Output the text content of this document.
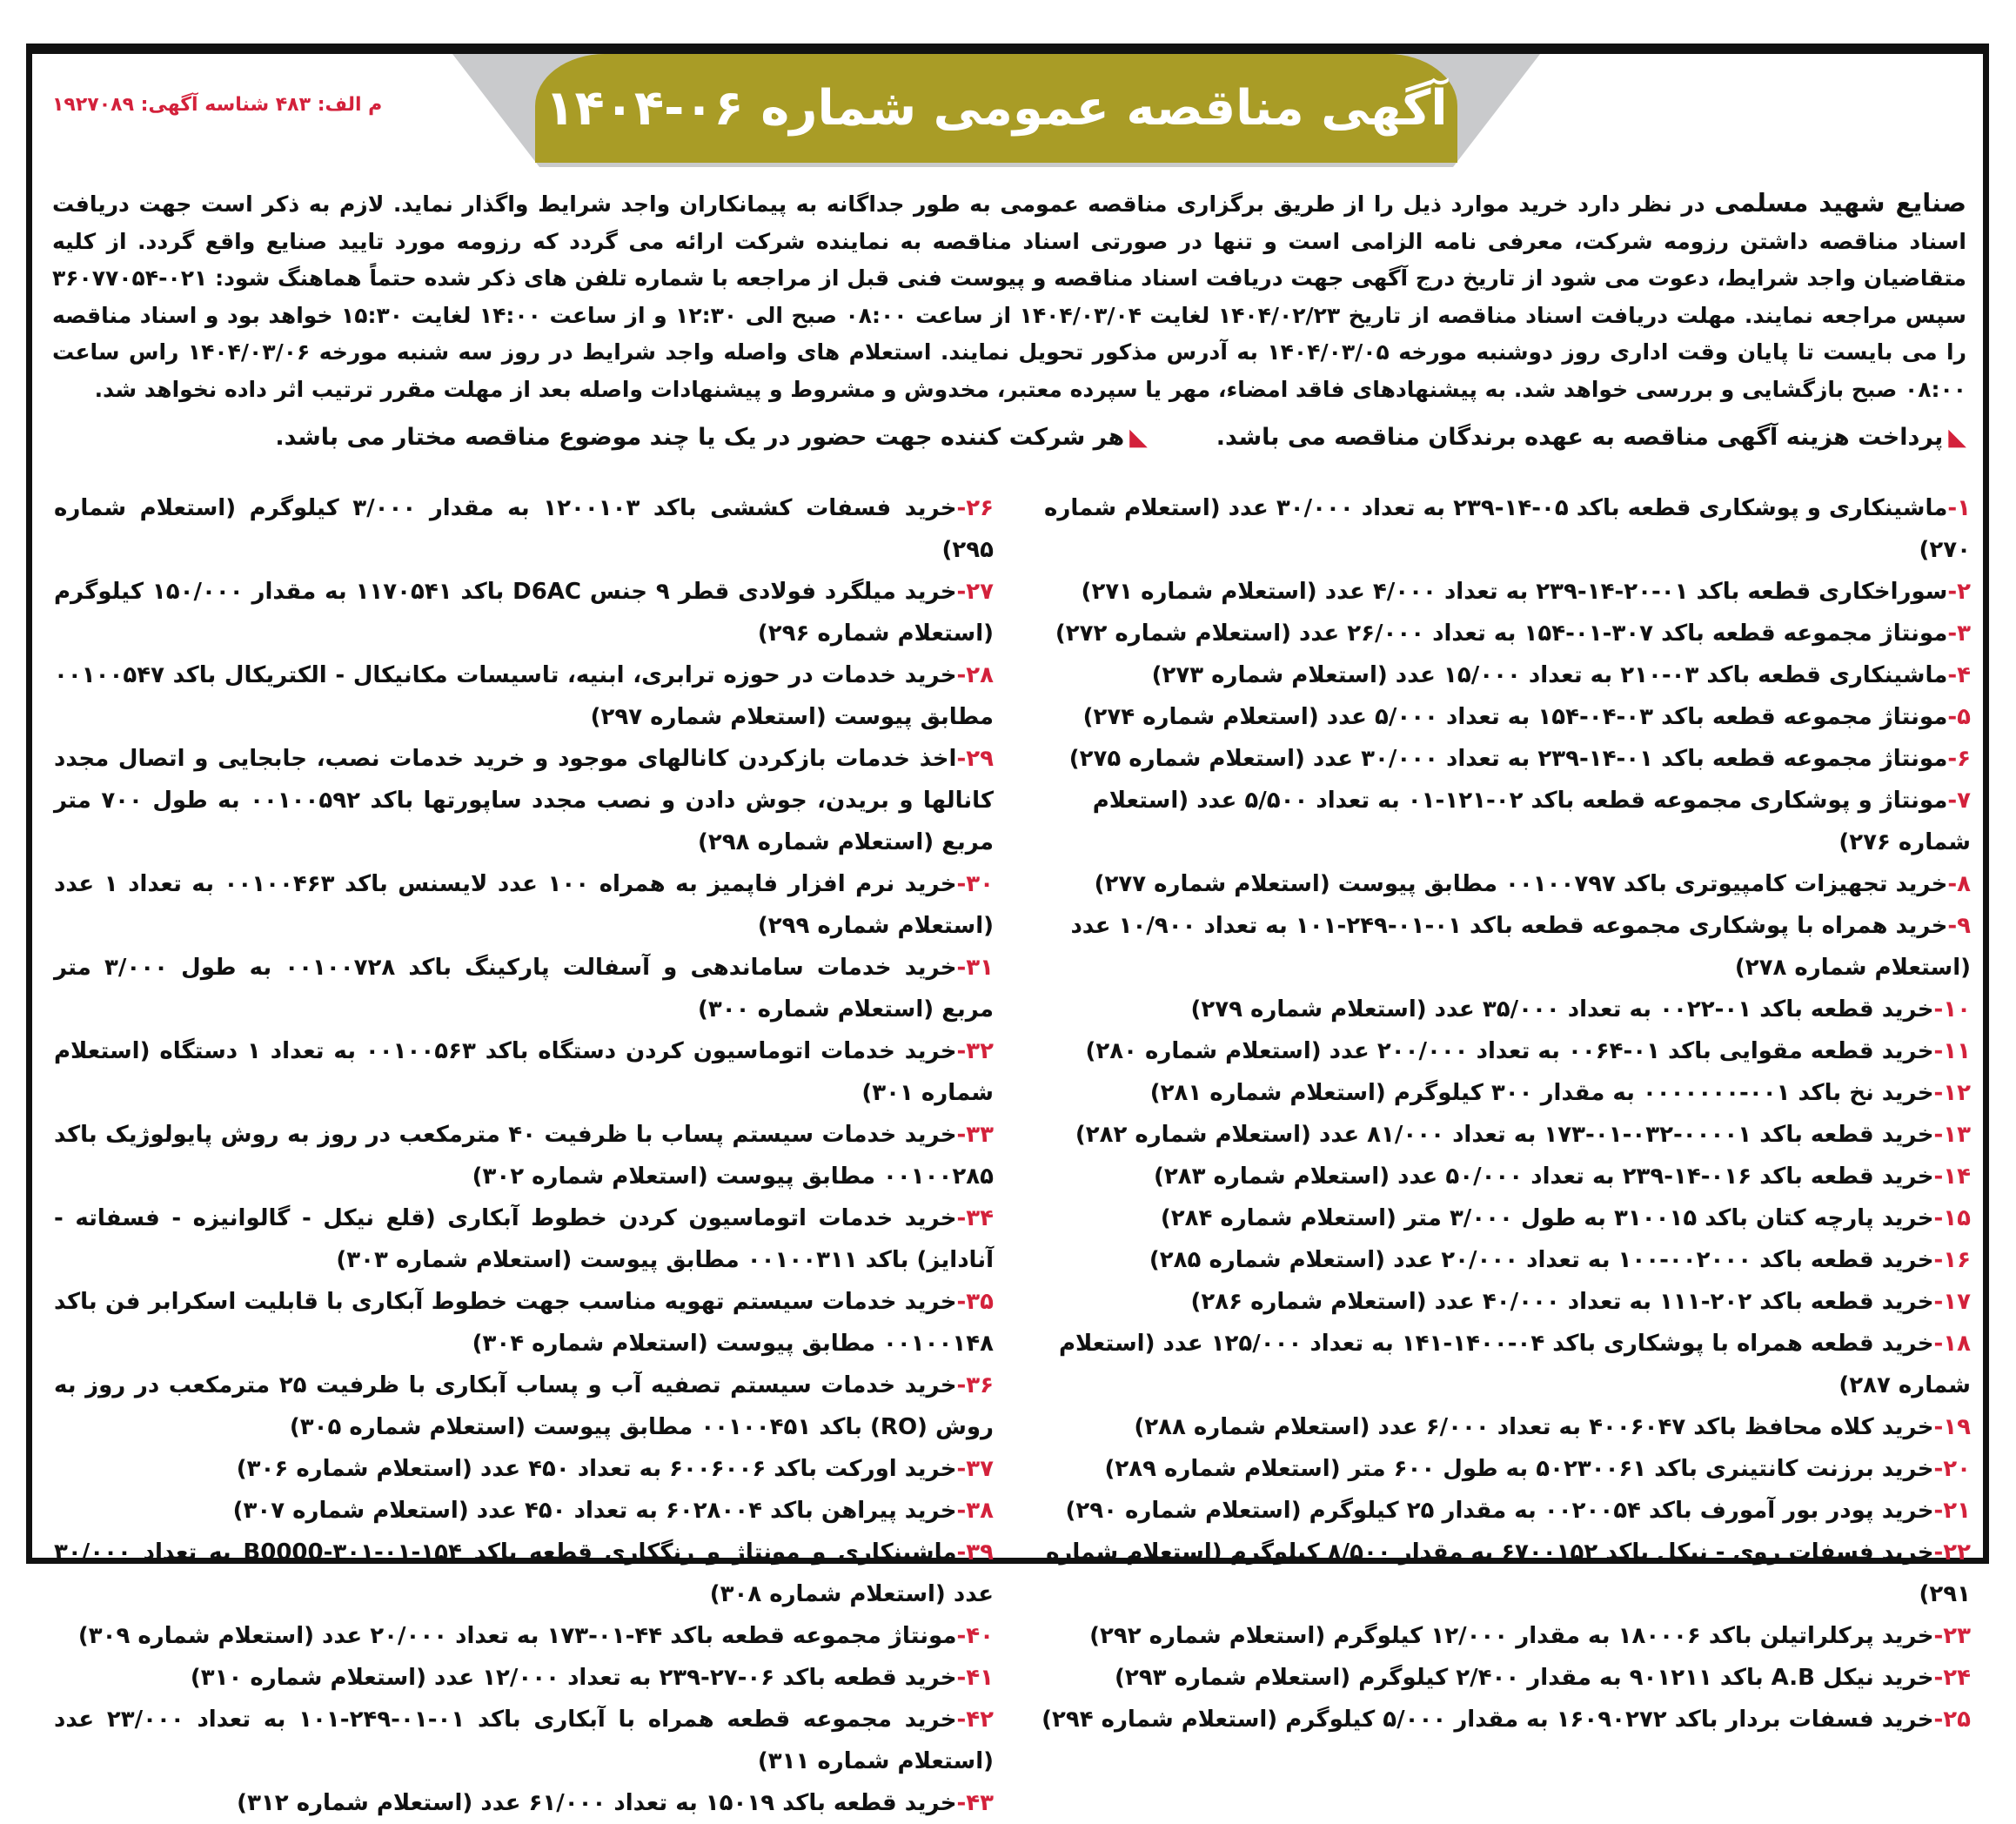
آگهی مناقصه عمومی شماره ۰۶-۱۴۰۴
م الف: ۴۸۳ شناسه آگهی: ۱۹۲۷۰۸۹
صنایع شهید مسلمی در نظر دارد خرید موارد ذیل را از طریق برگزاری مناقصه عمومی به طور جداگانه به پیمانکاران واجد شرایط واگذار نماید. لازم به ذکر است جهت دریافت اسناد مناقصه داشتن رزومه شرکت، معرفی نامه الزامی است و تنها در صورتی اسناد مناقصه به نماینده شرکت ارائه می گردد که رزومه مورد تایید صنایع واقع گردد. از کلیه متقاضیان واجد شرایط، دعوت می شود از تاریخ درج آگهی جهت دریافت اسناد مناقصه و پیوست فنی قبل از مراجعه با شماره تلفن های ذکر شده حتماً هماهنگ شود: ۰۲۱-۳۶۰۷۷۰۵۴ سپس مراجعه نمایند. مهلت دریافت اسناد مناقصه از تاریخ ۱۴۰۴/۰۲/۲۳ لغایت ۱۴۰۴/۰۳/۰۴ از ساعت ۰۸:۰۰ صبح الی ۱۲:۳۰ و از ساعت ۱۴:۰۰ لغایت ۱۵:۳۰ خواهد بود و اسناد مناقصه را می بایست تا پایان وقت اداری روز دوشنبه مورخه ۱۴۰۴/۰۳/۰۵ به آدرس مذکور تحویل نمایند. استعلام های واصله واجد شرایط در روز سه شنبه مورخه ۱۴۰۴/۰۳/۰۶ راس ساعت ۰۸:۰۰ صبح بازگشایی و بررسی خواهد شد. به پیشنهادهای فاقد امضاء، مهر یا سپرده معتبر، مخدوش و مشروط و پیشنهادات واصله بعد از مهلت مقرر ترتیب اثر داده نخواهد شد.
◣پرداخت هزینه آگهی مناقصه به عهده برندگان مناقصه می باشد.  ◣هر شرکت کننده جهت حضور در یک یا چند موضوع مناقصه مختار می باشد.

۱-ماشینکاری و پوشکاری قطعه باکد ۰۵-۱۴-۲۳۹ به تعداد ۳۰/۰۰۰ عدد (استعلام شماره ۲۷۰)

۲-سوراخکاری قطعه باکد ۰۱-۲۰-۱۴-۲۳۹ به تعداد ۴/۰۰۰ عدد (استعلام شماره ۲۷۱)

۳-مونتاژ مجموعه قطعه باکد ۳۰۷-۰۱-۱۵۴ به تعداد ۲۶/۰۰۰ عدد (استعلام شماره ۲۷۲)

۴-ماشینکاری قطعه باکد ۰۳-۲۱۰ به تعداد ۱۵/۰۰۰ عدد (استعلام شماره ۲۷۳)

۵-مونتاژ مجموعه قطعه باکد ۰۳-۰۴-۱۵۴ به تعداد ۵/۰۰۰ عدد (استعلام شماره ۲۷۴)

۶-مونتاژ مجموعه قطعه باکد ۰۱-۱۴-۲۳۹ به تعداد ۳۰/۰۰۰ عدد (استعلام شماره ۲۷۵)

۷-مونتاژ و پوشکاری مجموعه قطعه باکد ۰۲-۱۲۱-۰۱ به تعداد ۵/۵۰۰ عدد (استعلام شماره ۲۷۶)

۸-خرید تجهیزات کامپیوتری باکد ۰۰۱۰۰۷۹۷ مطابق پیوست (استعلام شماره ۲۷۷)

۹-خرید همراه با پوشکاری مجموعه قطعه باکد ۰۱-۰۱-۲۴۹-۱۰۱ به تعداد ۱۰/۹۰۰ عدد (استعلام شماره ۲۷۸)

۱۰-خرید قطعه باکد ۰۱-۰۰۲۲ به تعداد ۳۵/۰۰۰ عدد (استعلام شماره ۲۷۹)

۱۱-خرید قطعه مقوایی باکد ۰۱-۰۰۶۴ به تعداد ۲۰۰/۰۰۰ عدد (استعلام شماره ۲۸۰)

۱۲-خرید نخ باکد ۰۰۱-۰۰۰۰۰۰۰ به مقدار ۳۰۰ کیلوگرم (استعلام شماره ۲۸۱)

۱۳-خرید قطعه باکد ۰۰۰۰۱-۰۳۲-۰۱-۱۷۳ به تعداد ۸۱/۰۰۰ عدد (استعلام شماره ۲۸۲)

۱۴-خرید قطعه باکد ۰۱۶-۱۴-۲۳۹ به تعداد ۵۰/۰۰۰ عدد (استعلام شماره ۲۸۳)

۱۵-خرید پارچه کتان باکد ۳۱۰۰۱۵ به طول ۳/۰۰۰ متر (استعلام شماره ۲۸۴)

۱۶-خرید قطعه باکد ۰۰۲۰۰۰-۱۰۰ به تعداد ۲۰/۰۰۰ عدد (استعلام شماره ۲۸۵)

۱۷-خرید قطعه باکد ۲۰۲-۱۱۱ به تعداد ۴۰/۰۰۰ عدد (استعلام شماره ۲۸۶)

۱۸-خرید قطعه همراه با پوشکاری باکد ۰۴-۱۴۰۰-۱۴۱ به تعداد ۱۲۵/۰۰۰ عدد (استعلام شماره ۲۸۷)

۱۹-خرید کلاه محافظ باکد ۴۰۰۶۰۴۷ به تعداد ۶/۰۰۰ عدد (استعلام شماره ۲۸۸)

۲۰-خرید برزنت کانتینری باکد ۵۰۲۳۰۰۶۱ به طول ۶۰۰ متر (استعلام شماره ۲۸۹)

۲۱-خرید پودر بور آمورف باکد ۰۰۲۰۰۵۴ به مقدار ۲۵ کیلوگرم (استعلام شماره ۲۹۰)

۲۲-خرید فسفات روی - نیکل باکد ۶۷۰۰۱۵۲ به مقدار ۸/۵۰۰ کیلوگرم (استعلام شماره ۲۹۱)

۲۳-خرید پرکلراتیلن باکد ۱۸۰۰۰۶ به مقدار ۱۲/۰۰۰ کیلوگرم (استعلام شماره ۲۹۲)

۲۴-خرید نیکل A.B باکد ۹۰۱۲۱۱ به مقدار ۲/۴۰۰ کیلوگرم (استعلام شماره ۲۹۳)

۲۵-خرید فسفات بردار باکد ۱۶۰۹۰۲۷۲ به مقدار ۵/۰۰۰ کیلوگرم (استعلام شماره ۲۹۴)

۲۶-خرید فسفات کششی باکد ۱۲۰۰۱۰۳ به مقدار ۳/۰۰۰ کیلوگرم (استعلام شماره ۲۹۵)

۲۷-خرید میلگرد فولادی قطر ۹ جنس D6AC باکد ۱۱۷۰۵۴۱ به مقدار ۱۵۰/۰۰۰ کیلوگرم (استعلام شماره ۲۹۶)

۲۸-خرید خدمات در حوزه ترابری، ابنیه، تاسیسات مکانیکال - الکتریکال باکد ۰۰۱۰۰۵۴۷ مطابق پیوست (استعلام شماره ۲۹۷)

۲۹-اخذ خدمات بازکردن کانالهای موجود و خرید خدمات نصب، جابجایی و اتصال مجدد کانالها و بریدن، جوش دادن و نصب مجدد ساپورتها باکد ۰۰۱۰۰۵۹۲ به طول ۷۰۰ متر مربع (استعلام شماره ۲۹۸)

۳۰-خرید نرم افزار فاپمیز به همراه ۱۰۰ عدد لایسنس باکد ۰۰۱۰۰۴۶۳ به تعداد ۱ عدد (استعلام شماره ۲۹۹)

۳۱-خرید خدمات ساماندهی و آسفالت پارکینگ باکد ۰۰۱۰۰۷۲۸ به طول ۳/۰۰۰ متر مربع (استعلام شماره ۳۰۰)

۳۲-خرید خدمات اتوماسیون کردن دستگاه باکد ۰۰۱۰۰۵۶۳ به تعداد ۱ دستگاه (استعلام شماره ۳۰۱)

۳۳-خرید خدمات سیستم پساب با ظرفیت ۴۰ مترمکعب در روز به روش پایولوژیک باکد ۰۰۱۰۰۲۸۵ مطابق پیوست (استعلام شماره ۳۰۲)

۳۴-خرید خدمات اتوماسیون کردن خطوط آبکاری (قلع نیکل - گالوانیزه - فسفاته - آنادایز) باکد ۰۰۱۰۰۳۱۱ مطابق پیوست (استعلام شماره ۳۰۳)

۳۵-خرید خدمات سیستم تهویه مناسب جهت خطوط آبکاری با قابلیت اسکرابر فن باکد ۰۰۱۰۰۱۴۸ مطابق پیوست (استعلام شماره ۳۰۴)

۳۶-خرید خدمات سیستم تصفیه آب و پساب آبکاری با ظرفیت ۲۵ مترمکعب در روز به روش (RO) باکد ۰۰۱۰۰۴۵۱ مطابق پیوست (استعلام شماره ۳۰۵)

۳۷-خرید اورکت باکد ۶۰۰۶۰۰۶ به تعداد ۴۵۰ عدد (استعلام شماره ۳۰۶)

۳۸-خرید پیراهن باکد ۶۰۲۸۰۰۴ به تعداد ۴۵۰ عدد (استعلام شماره ۳۰۷)

۳۹-ماشینکاری و مونتاژ و رنگکاری قطعه باکد B0000-۳۰۱-۰۱-۱۵۴ به تعداد ۳۰/۰۰۰ عدد (استعلام شماره ۳۰۸)

۴۰-مونتاژ مجموعه قطعه باکد ۴۴-۰۱-۱۷۳ به تعداد ۲۰/۰۰۰ عدد (استعلام شماره ۳۰۹)

۴۱-خرید قطعه باکد ۰۶-۲۷-۲۳۹ به تعداد ۱۲/۰۰۰ عدد (استعلام شماره ۳۱۰)

۴۲-خرید مجموعه قطعه همراه با آبکاری باکد ۰۱-۰۱-۲۴۹-۱۰۱ به تعداد ۲۳/۰۰۰ عدد (استعلام شماره ۳۱۱)

۴۳-خرید قطعه باکد ۱۵۰۱۹ به تعداد ۶۱/۰۰۰ عدد (استعلام شماره ۳۱۲)
